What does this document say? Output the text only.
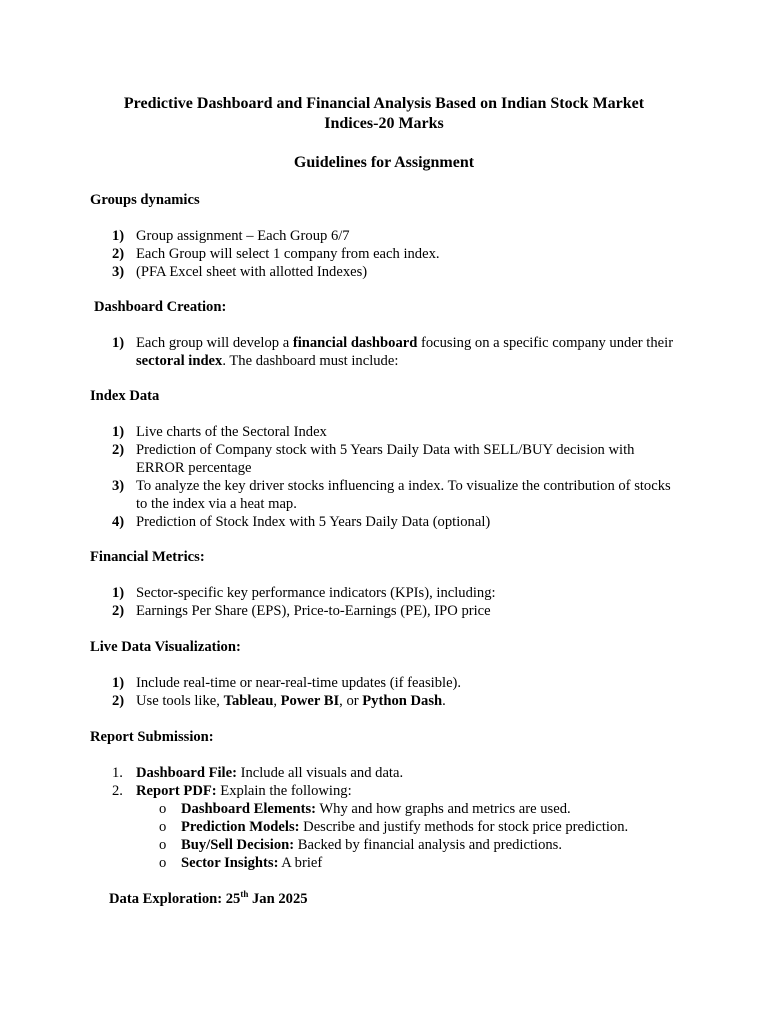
Predictive Dashboard and Financial Analysis Based on Indian Stock Market
Indices-20 Marks
Guidelines for Assignment
Groups dynamics
1) Group assignment – Each Group 6/7
2) Each Group will select 1 company from each index.
3) (PFA Excel sheet with allotted Indexes)
Dashboard Creation:
1) Each group will develop a financial dashboard focusing on a specific company under their sectoral index. The dashboard must include:
Index Data
1) Live charts of the Sectoral Index
2) Prediction of Company stock with 5 Years Daily Data with SELL/BUY decision with ERROR percentage
3) To analyze the key driver stocks influencing a index. To visualize the contribution of stocks to the index via a heat map.
4) Prediction of Stock Index with 5 Years Daily Data (optional)
Financial Metrics:
1) Sector-specific key performance indicators (KPIs), including:
2) Earnings Per Share (EPS), Price-to-Earnings (PE), IPO price
Live Data Visualization:
1) Include real-time or near-real-time updates (if feasible).
2) Use tools like, Tableau, Power BI, or Python Dash.
Report Submission:
1. Dashboard File: Include all visuals and data.
2. Report PDF: Explain the following:
o Dashboard Elements: Why and how graphs and metrics are used.
o Prediction Models: Describe and justify methods for stock price prediction.
o Buy/Sell Decision: Backed by financial analysis and predictions.
o Sector Insights: A brief
Data Exploration: 25th Jan 2025
